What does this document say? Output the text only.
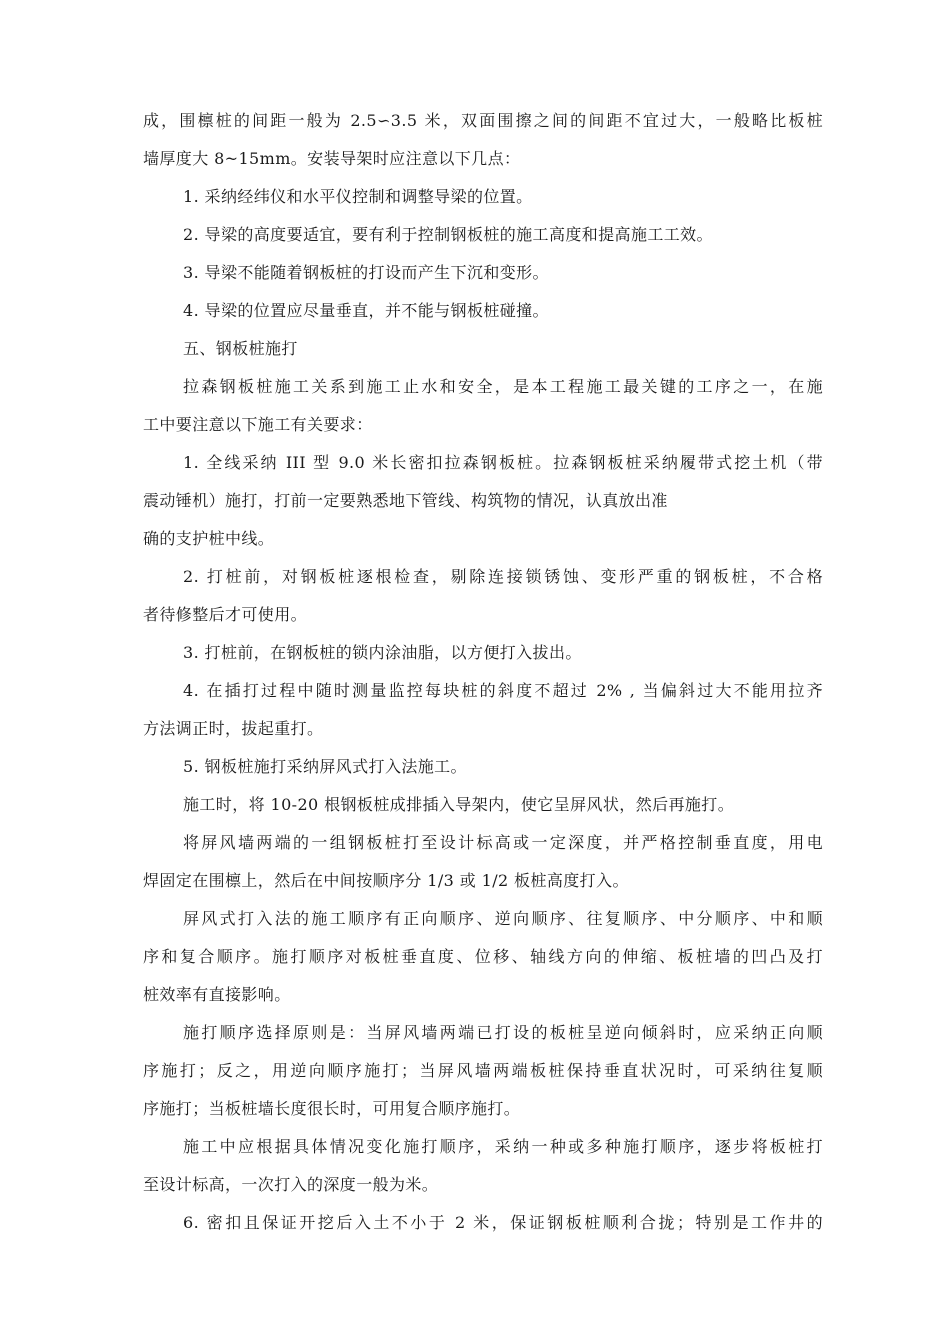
成，围檩桩的间距一般为 2.5∽3.5 米，双面围擦之间的间距不宜过大，一般略比板桩
墙厚度大 8~15mm。安装导架时应注意以下几点：
1. 采纳经纬仪和水平仪控制和调整导梁的位置。
2. 导梁的高度要适宜，要有利于控制钢板桩的施工高度和提高施工工效。
3. 导梁不能随着钢板桩的打设而产生下沉和变形。
4. 导梁的位置应尽量垂直，并不能与钢板桩碰撞。
五、钢板桩施打
拉森钢板桩施工关系到施工止水和安全，是本工程施工最关键的工序之一，在施
工中要注意以下施工有关要求：
1. 全线采纳 III 型 9.0 米长密扣拉森钢板桩。拉森钢板桩采纳履带式挖土机（带
震动锤机）施打，打前一定要熟悉地下管线、构筑物的情况，认真放出准
确的支护桩中线。
2. 打桩前，对钢板桩逐根检查，剔除连接锁锈蚀、变形严重的钢板桩，不合格
者待修整后才可使用。
3. 打桩前，在钢板桩的锁内涂油脂，以方便打入拔出。
4. 在插打过程中随时测量监控每块桩的斜度不超过 2% , 当偏斜过大不能用拉齐
方法调正时，拔起重打。
5. 钢板桩施打采纳屏风式打入法施工。
施工时，将 10-20 根钢板桩成排插入导架内，使它呈屏风状，然后再施打。
将屏风墙两端的一组钢板桩打至设计标高或一定深度，并严格控制垂直度，用电
焊固定在围檩上，然后在中间按顺序分 1/3 或 1/2 板桩高度打入。
屏风式打入法的施工顺序有正向顺序、逆向顺序、往复顺序、中分顺序、中和顺
序和复合顺序。施打顺序对板桩垂直度、位移、轴线方向的伸缩、板桩墙的凹凸及打
桩效率有直接影响。
施打顺序选择原则是：当屏风墙两端已打设的板桩呈逆向倾斜时，应采纳正向顺
序施打；反之，用逆向顺序施打；当屏风墙两端板桩保持垂直状况时，可采纳往复顺
序施打；当板桩墙长度很长时，可用复合顺序施打。
施工中应根据具体情况变化施打顺序，采纳一种或多种施打顺序，逐步将板桩打
至设计标高，一次打入的深度一般为米。
6. 密扣且保证开挖后入土不小于 2 米，保证钢板桩顺利合拢；特别是工作井的
